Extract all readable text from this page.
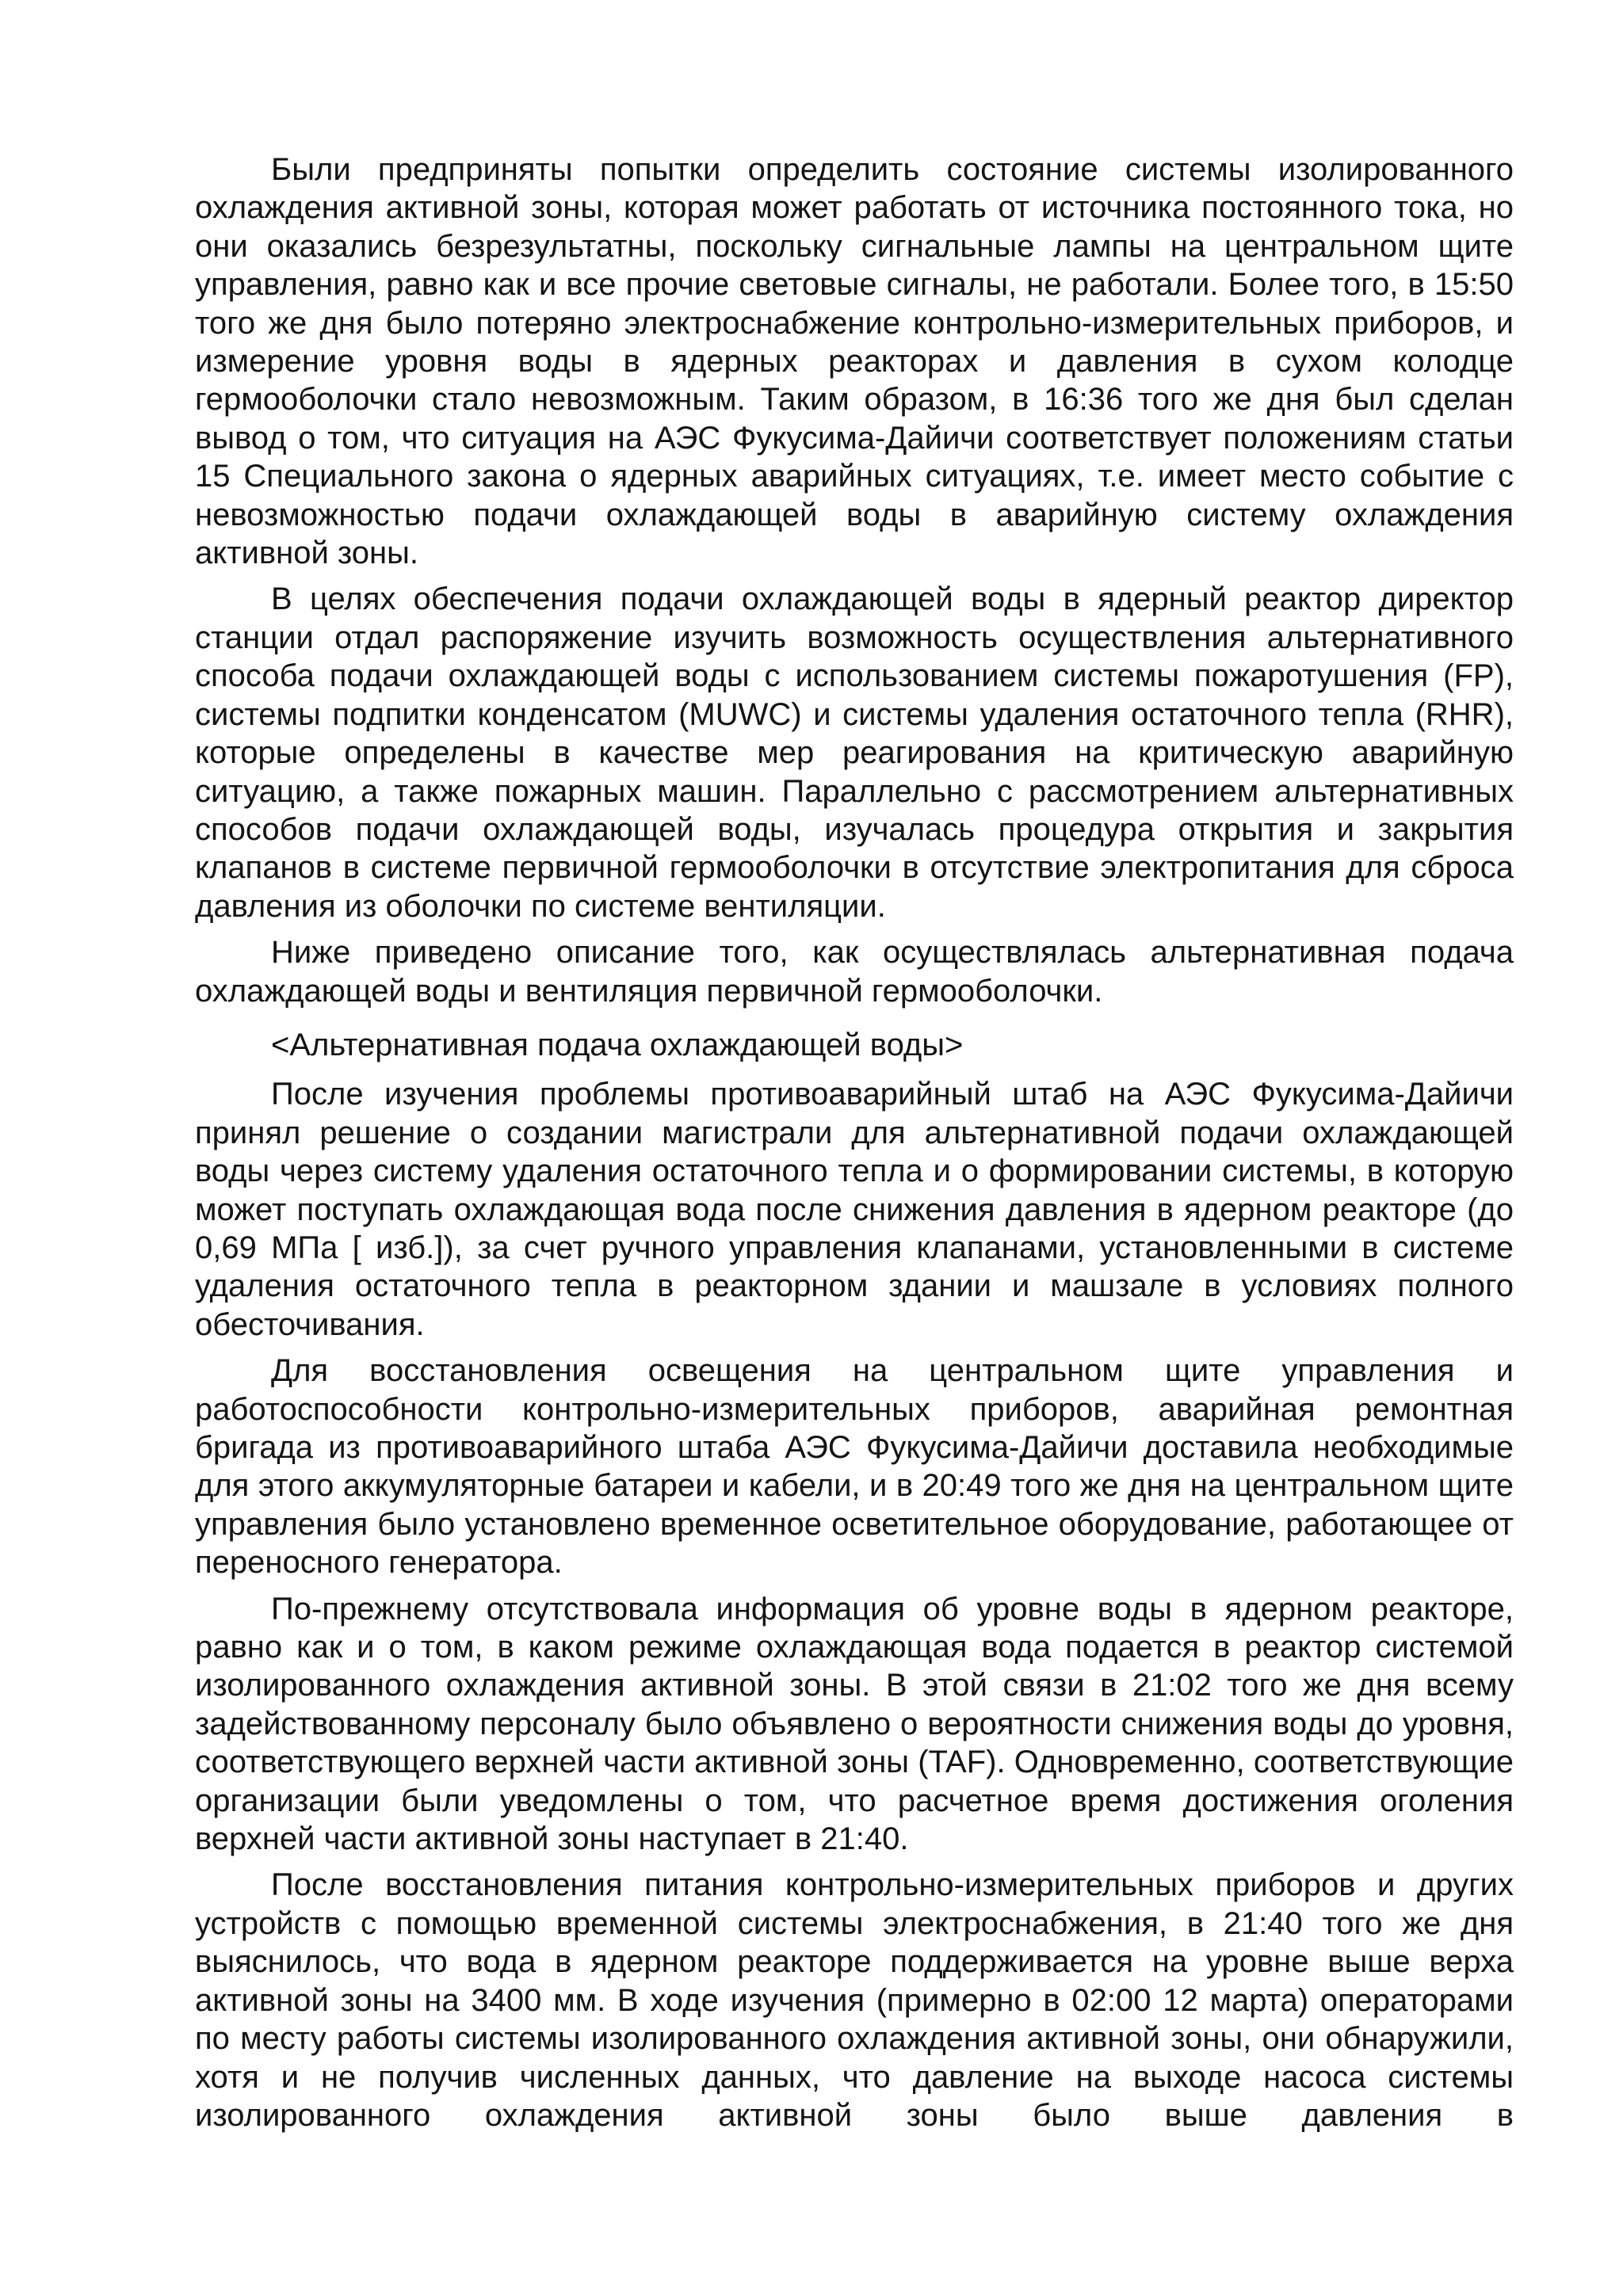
Были предприняты попытки определить состояние системы изолированного охлаждения активной зоны, которая может работать от источника постоянного тока, но они оказались безрезультатны, поскольку сигнальные лампы на центральном щите управления, равно как и все прочие световые сигналы, не работали. Более того, в 15:50 того же дня было потеряно электроснабжение контрольно-измерительных приборов, и измерение уровня воды в ядерных реакторах и давления в сухом колодце гермооболочки стало невозможным. Таким образом, в 16:36 того же дня был сделан вывод о том, что ситуация на АЭС Фукусима-Дайичи соответствует положениям статьи 15 Специального закона о ядерных аварийных ситуациях, т.е. имеет место событие с невозможностью подачи охлаждающей воды в аварийную систему охлаждения активной зоны.

В целях обеспечения подачи охлаждающей воды в ядерный реактор директор станции отдал распоряжение изучить возможность осуществления альтернативного способа подачи охлаждающей воды с использованием системы пожаротушения (FP), системы подпитки конденсатом (MUWC) и системы удаления остаточного тепла (RHR), которые определены в качестве мер реагирования на критическую аварийную ситуацию, а также пожарных машин. Параллельно с рассмотрением альтернативных способов подачи охлаждающей воды, изучалась процедура открытия и закрытия клапанов в системе первичной гермооболочки в отсутствие электропитания для сброса давления из оболочки по системе вентиляции.

Ниже приведено описание того, как осуществлялась альтернативная подача охлаждающей воды и вентиляция первичной гермооболочки.

<Альтернативная подача охлаждающей воды>

После изучения проблемы противоаварийный штаб на АЭС Фукусима-Дайичи принял решение о создании магистрали для альтернативной подачи охлаждающей воды через систему удаления остаточного тепла и о формировании системы, в которую может поступать охлаждающая вода после снижения давления в ядерном реакторе (до 0,69 МПа [ изб.]), за счет ручного управления клапанами, установленными в системе удаления остаточного тепла в реакторном здании и машзале в условиях полного обесточивания.

Для восстановления освещения на центральном щите управления и работоспособности контрольно-измерительных приборов, аварийная ремонтная бригада из противоаварийного штаба АЭС Фукусима-Дайичи доставила необходимые для этого аккумуляторные батареи и кабели, и в 20:49 того же дня на центральном щите управления было установлено временное осветительное оборудование, работающее от переносного генератора.

По-прежнему отсутствовала информация об уровне воды в ядерном реакторе, равно как и о том, в каком режиме охлаждающая вода подается в реактор системой изолированного охлаждения активной зоны. В этой связи в 21:02 того же дня всему задействованному персоналу было объявлено о вероятности снижения воды до уровня, соответствующего верхней части активной зоны (TAF). Одновременно, соответствующие организации были уведомлены о том, что расчетное время достижения оголения верхней части активной зоны наступает в 21:40.

После восстановления питания контрольно-измерительных приборов и других устройств с помощью временной системы электроснабжения, в 21:40 того же дня выяснилось, что вода в ядерном реакторе поддерживается на уровне выше верха активной зоны на 3400 мм. В ходе изучения (примерно в 02:00 12 марта) операторами по месту работы системы изолированного охлаждения активной зоны, они обнаружили, хотя и не получив численных данных, что давление на выходе насоса системы изолированного охлаждения активной зоны было выше давления в
